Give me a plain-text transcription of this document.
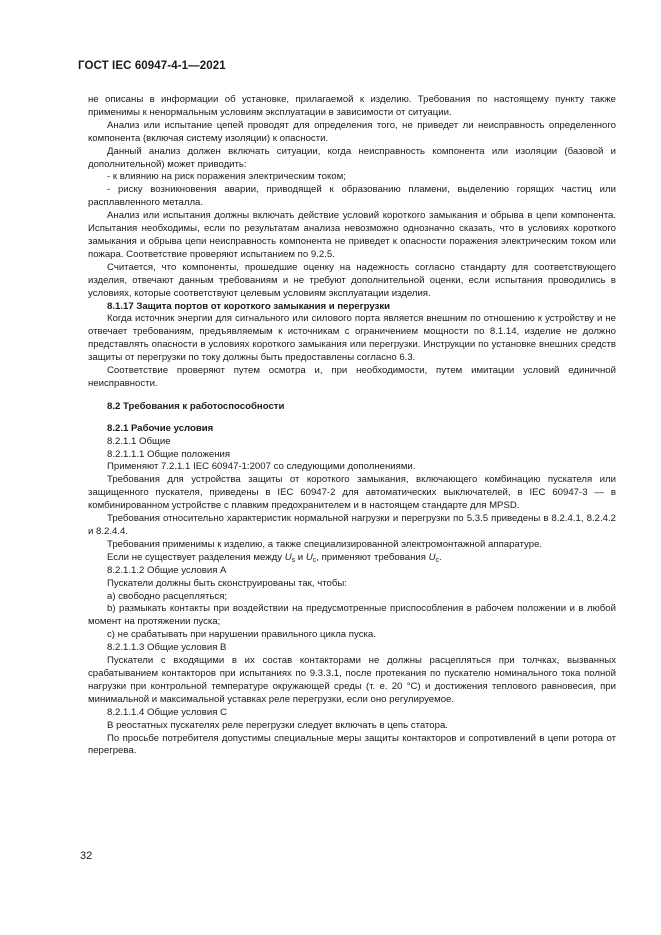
ГОСТ IEC 60947-4-1—2021

не описаны в информации об установке, прилагаемой к изделию. Требования по настоящему пункту также применимы к ненормальным условиям эксплуатации в зависимости от ситуации.

Анализ или испытание цепей проводят для определения того, не приведет ли неисправность определенного компонента (включая систему изоляции) к опасности.

Данный анализ должен включать ситуации, когда неисправность компонента или изоляции (базовой и дополнительной) может приводить:

- к влиянию на риск поражения электрическим током;

- риску возникновения аварии, приводящей к образованию пламени, выделению горящих частиц или расплавленного металла.

Анализ или испытания должны включать действие условий короткого замыкания и обрыва в цепи компонента. Испытания необходимы, если по результатам анализа невозможно однозначно сказать, что в условиях короткого замыкания и обрыва цепи неисправность компонента не приведет к опасности поражения электрическим током или пожара. Соответствие проверяют испытанием по 9.2.5.

Считается, что компоненты, прошедшие оценку на надежность согласно стандарту для соответствующего изделия, отвечают данным требованиям и не требуют дополнительной оценки, если испытания проводились в условиях, которые соответствуют целевым условиям эксплуатации изделия.

8.1.17 Защита портов от короткого замыкания и перегрузки

Когда источник энергии для сигнального или силового порта является внешним по отношению к устройству и не отвечает требованиям, предъявляемым к источникам с ограничением мощности по 8.1.14, изделие не должно представлять опасности в условиях короткого замыкания или перегрузки. Инструкции по установке внешних средств защиты от перегрузки по току должны быть предоставлены согласно 6.3.

Соответствие проверяют путем осмотра и, при необходимости, путем имитации условий единичной неисправности.

8.2 Требования к работоспособности

8.2.1 Рабочие условия

8.2.1.1 Общие

8.2.1.1.1 Общие положения

Применяют 7.2.1.1 IEC 60947-1:2007 со следующими дополнениями.

Требования для устройства защиты от короткого замыкания, включающего комбинацию пускателя или защищенного пускателя, приведены в IEC 60947-2 для автоматических выключателей, в IEC 60947-3 — в комбинированном устройстве с плавким предохранителем и в настоящем стандарте для MPSD.

Требования относительно характеристик нормальной нагрузки и перегрузки по 5.3.5 приведены в 8.2.4.1, 8.2.4.2 и 8.2.4.4.

Требования применимы к изделию, а также специализированной электромонтажной аппаратуре.

Если не существует разделения между $U_s$ и $U_c$, применяют требования $U_c$.

8.2.1.1.2 Общие условия A

Пускатели должны быть сконструированы так, чтобы:

а) свободно расцепляться;

b) размыкать контакты при воздействии на предусмотренные приспособления в рабочем положении и в любой момент на протяжении пуска;

c) не срабатывать при нарушении правильного цикла пуска.

8.2.1.1.3 Общие условия B

Пускатели с входящими в их состав контакторами не должны расцепляться при толчках, вызванных срабатыванием контакторов при испытаниях по 9.3.3.1, после протекания по пускателю номинального тока полной нагрузки при контрольной температуре окружающей среды (т. е. 20 °С) и достижения теплового равновесия, при минимальной и максимальной уставках реле перегрузки, если оно регулируемое.

8.2.1.1.4 Общие условия C

В реостатных пускателях реле перегрузки следует включать в цепь статора.

По просьбе потребителя допустимы специальные меры защиты контакторов и сопротивлений в цепи ротора от перегрева.

32
